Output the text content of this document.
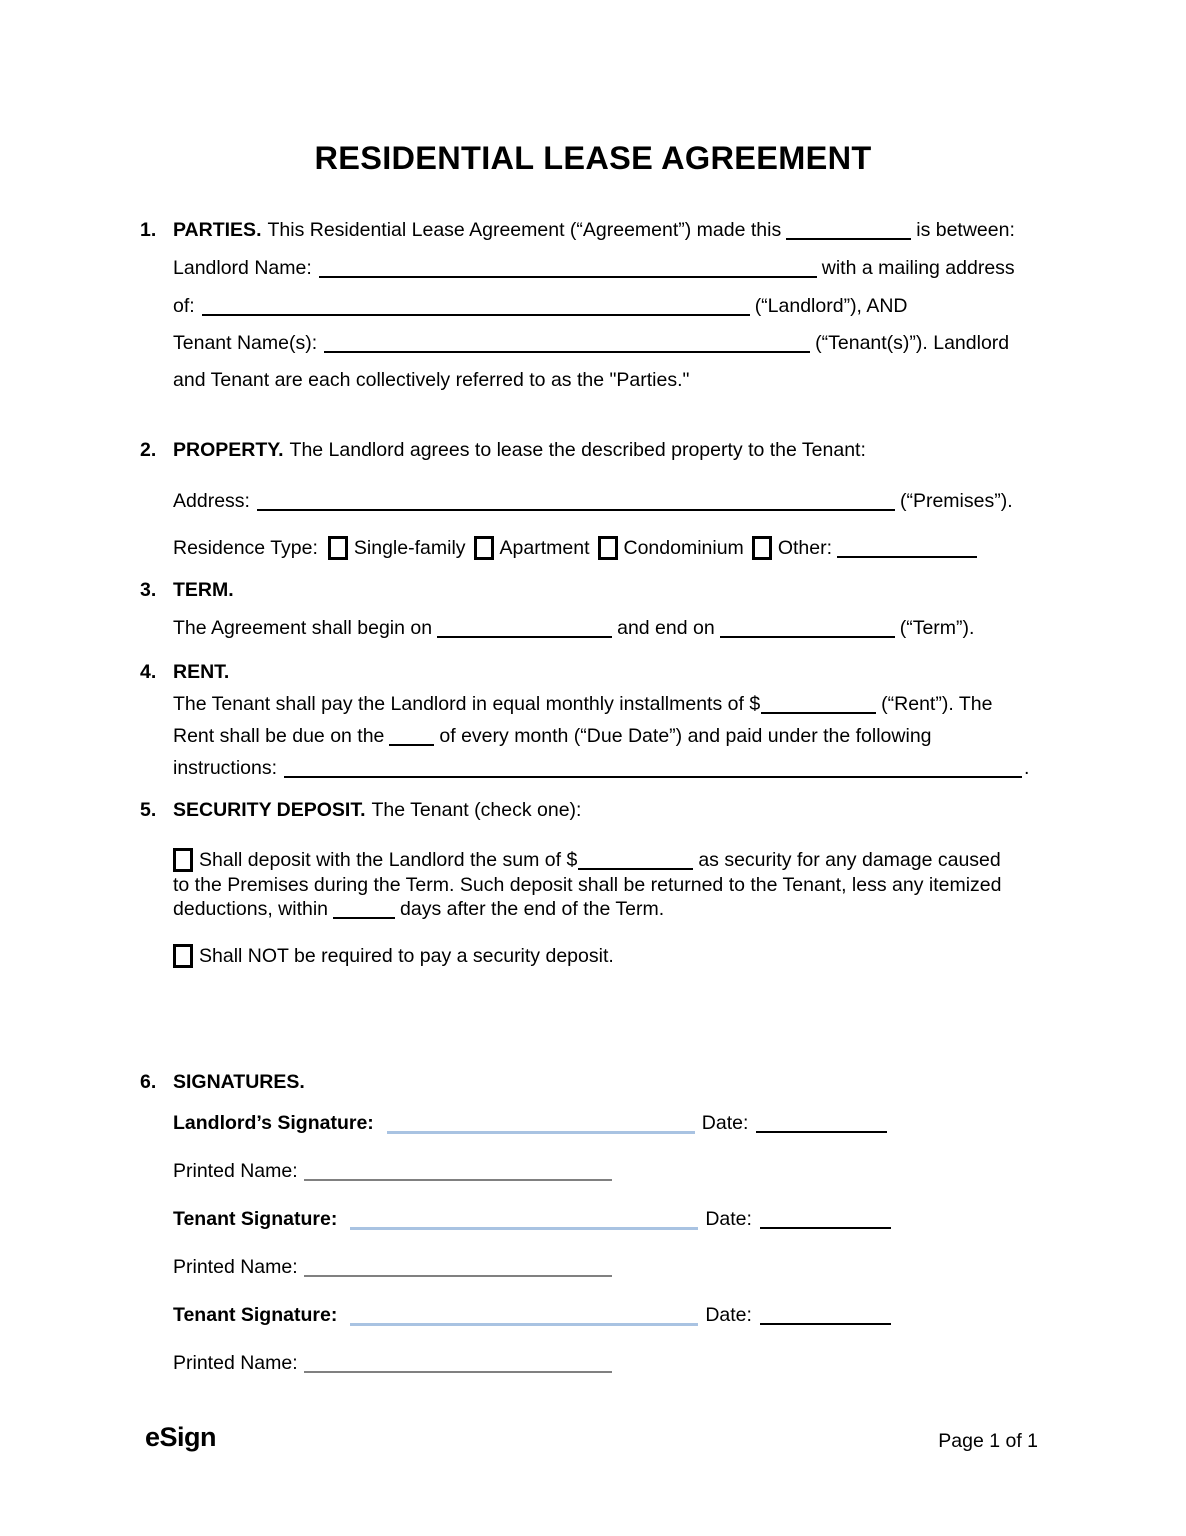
RESIDENTIAL LEASE AGREEMENT
1. PARTIES. This Residential Lease Agreement (“Agreement”) made this	is between:
Landlord Name:	with a mailing address
of:	(“Landlord”), AND
Tenant Name(s):	(“Tenant(s)”). Landlord
and Tenant are each collectively referred to as the "Parties."
2. PROPERTY. The Landlord agrees to lease the described property to the Tenant:
Address:	(“Premises”).
Residence Type: Single-family Apartment Condominium Other:
3. TERM.
The Agreement shall begin on	and end on	(“Term”).
4. RENT.
The Tenant shall pay the Landlord in equal monthly installments of $	(“Rent”). The
Rent shall be due on the	of every month (“Due Date”) and paid under the following
instructions:	.
5. SECURITY DEPOSIT. The Tenant (check one):
Shall deposit with the Landlord the sum of $	as security for any damage caused
to the Premises during the Term. Such deposit shall be returned to the Tenant, less any itemized
deductions, within	days after the end of the Term.
Shall NOT be required to pay a security deposit.
6. SIGNATURES.
Landlord’s Signature:	Date:
Printed Name:
Tenant Signature:	Date:
Printed Name:
Tenant Signature:	Date:
Printed Name:
eSign	Page 1 of 1
